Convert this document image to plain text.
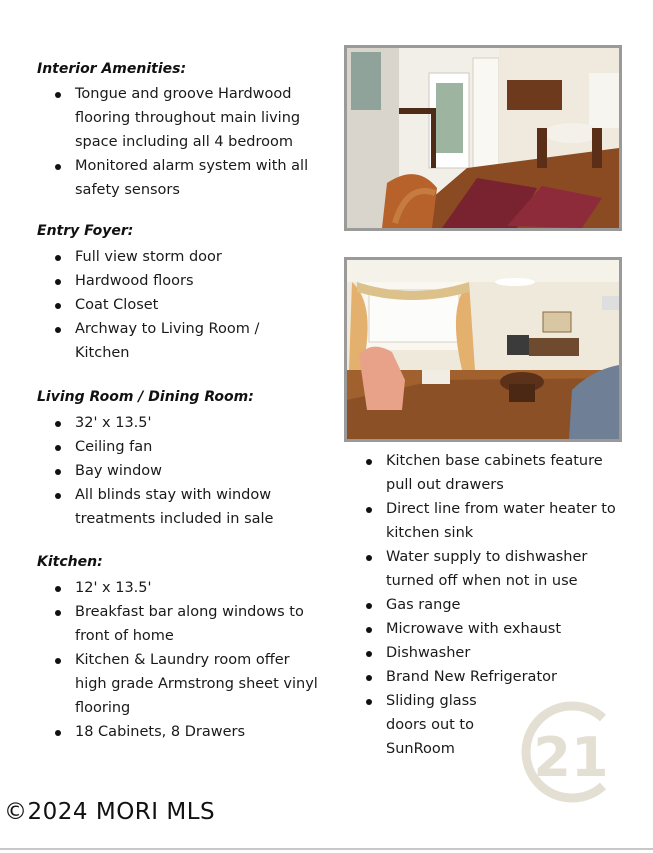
Interior Amenities:
Tongue and groove Hardwood flooring throughout main living space including all 4 bedroom
Monitored alarm system with all safety sensors
Entry Foyer:
Full view storm door
Hardwood floors
Coat Closet
Archway to Living Room / Kitchen
Living Room / Dining Room:
32' x 13.5'
Ceiling fan
Bay window
All blinds stay with window treatments included in sale
Kitchen:
12' x 13.5'
Breakfast bar along windows to front of home
Kitchen & Laundry room offer high grade Armstrong sheet vinyl flooring
18 Cabinets, 8 Drawers
Kitchen base cabinets feature pull out drawers
Direct line from water heater to kitchen sink
Water supply to dishwasher turned off when not in use
Gas range
Microwave with exhaust
Dishwasher
Brand New Refrigerator
Sliding glass doors out to SunRoom	21
©2024 MORI MLS
